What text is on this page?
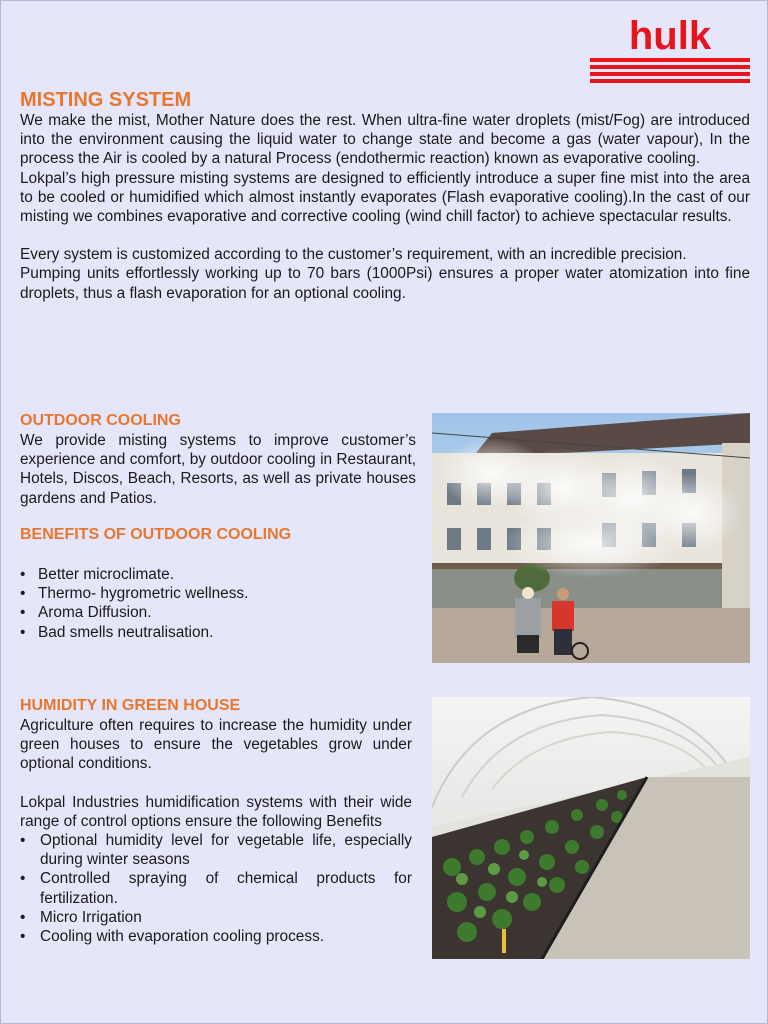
hulk
MISTING SYSTEM

We make the mist, Mother Nature does the rest. When ultra-fine water droplets (mist/Fog) are introduced into the environment causing the liquid water to change state and become a gas (water vapour), In the process the Air is cooled by a natural Process (endothermic reaction) known as evaporative cooling.

Lokpal’s high pressure misting systems are designed to efficiently introduce a super fine mist into the area to be cooled or humidified which almost instantly evaporates (Flash evaporative cooling).In the cast of our misting we combines evaporative and corrective cooling (wind chill factor) to achieve spectacular results.

Every system is customized according to the customer’s requirement, with an incredible precision.

Pumping units effortlessly working up to 70 bars (1000Psi) ensures a proper water atomization into fine droplets, thus a flash evaporation for an optional cooling.

OUTDOOR COOLING

We provide misting systems to improve customer’s experience and comfort, by outdoor cooling in Restaurant, Hotels, Discos, Beach, Resorts, as well as private houses gardens and Patios.

BENEFITS OF OUTDOOR COOLING
• Better microclimate.
• Thermo- hygrometric wellness.
• Aroma Diffusion.
• Bad smells neutralisation.
HUMIDITY IN GREEN HOUSE

Agriculture often requires to increase the humidity under green houses to ensure the vegetables grow under optional conditions.

Lokpal Industries humidification systems with their wide range of control options ensure the following Benefits

• Optional humidity level for vegetable life, especially during winter seasons
• Controlled spraying of chemical products for fertilization.
• Micro Irrigation
• Cooling with evaporation cooling process.
